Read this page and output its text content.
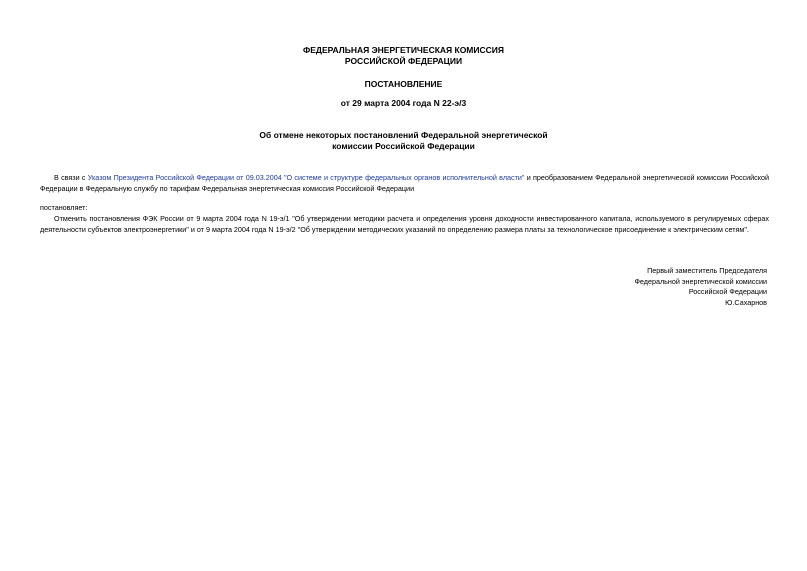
ФЕДЕРАЛЬНАЯ ЭНЕРГЕТИЧЕСКАЯ КОМИССИЯ
РОССИЙСКОЙ ФЕДЕРАЦИИ
ПОСТАНОВЛЕНИЕ
от 29 марта 2004 года N 22-э/3
Об отмене некоторых постановлений Федеральной энергетической
комиссии Российской Федерации
В связи с Указом Президента Российской Федерации от 09.03.2004 "О системе и структуре федеральных органов исполнительной власти" и преобразованием Федеральной энергетической комиссии Российской Федерации в Федеральную службу по тарифам Федеральная энергетическая комиссия Российской Федерации
постановляет:
Отменить постановления ФЭК России от 9 марта 2004 года N 19-э/1 "Об утверждении методики расчета и определения уровня доходности инвестированного капитала, используемого в регулируемых сферах деятельности субъектов электроэнергетики" и от 9 марта 2004 года N 19-э/2 "Об утверждении методических указаний по определению размера платы за технологическое присоединение к электрическим сетям".
Первый заместитель Председателя
Федеральной энергетической комиссии
Российской Федерации
Ю.Сахарнов
